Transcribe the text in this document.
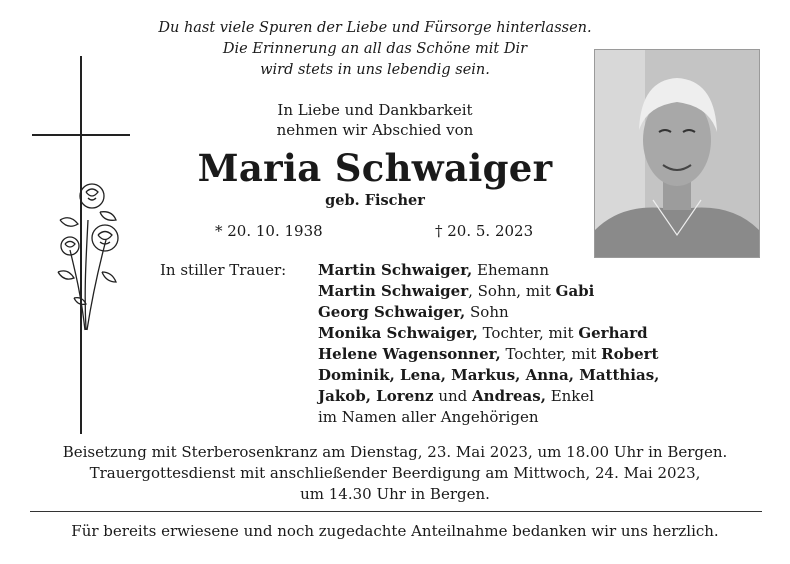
Du hast viele Spuren der Liebe und Fürsorge hinterlassen.
Die Erinnerung an all das Schöne mit Dir
wird stets in uns lebendig sein.
In Liebe und Dankbarkeit
nehmen wir Abschied von
Maria Schwaiger
geb. Fischer
* 20. 10. 1938	† 20. 5. 2023
In stiller Trauer: Martin Schwaiger, Ehemann
Martin Schwaiger, Sohn, mit Gabi
Georg Schwaiger, Sohn
Monika Schwaiger, Tochter, mit Gerhard
Helene Wagensonner, Tochter, mit Robert
Dominik, Lena, Markus, Anna, Matthias,
Jakob, Lorenz und Andreas, Enkel
im Namen aller Angehörigen
Beisetzung mit Sterberosenkranz am Dienstag, 23. Mai 2023, um 18.00 Uhr in Bergen.
Trauergottesdienst mit anschließender Beerdigung am Mittwoch, 24. Mai 2023,
um 14.30 Uhr in Bergen.
Für bereits erwiesene und noch zugedachte Anteilnahme bedanken wir uns herzlich.
